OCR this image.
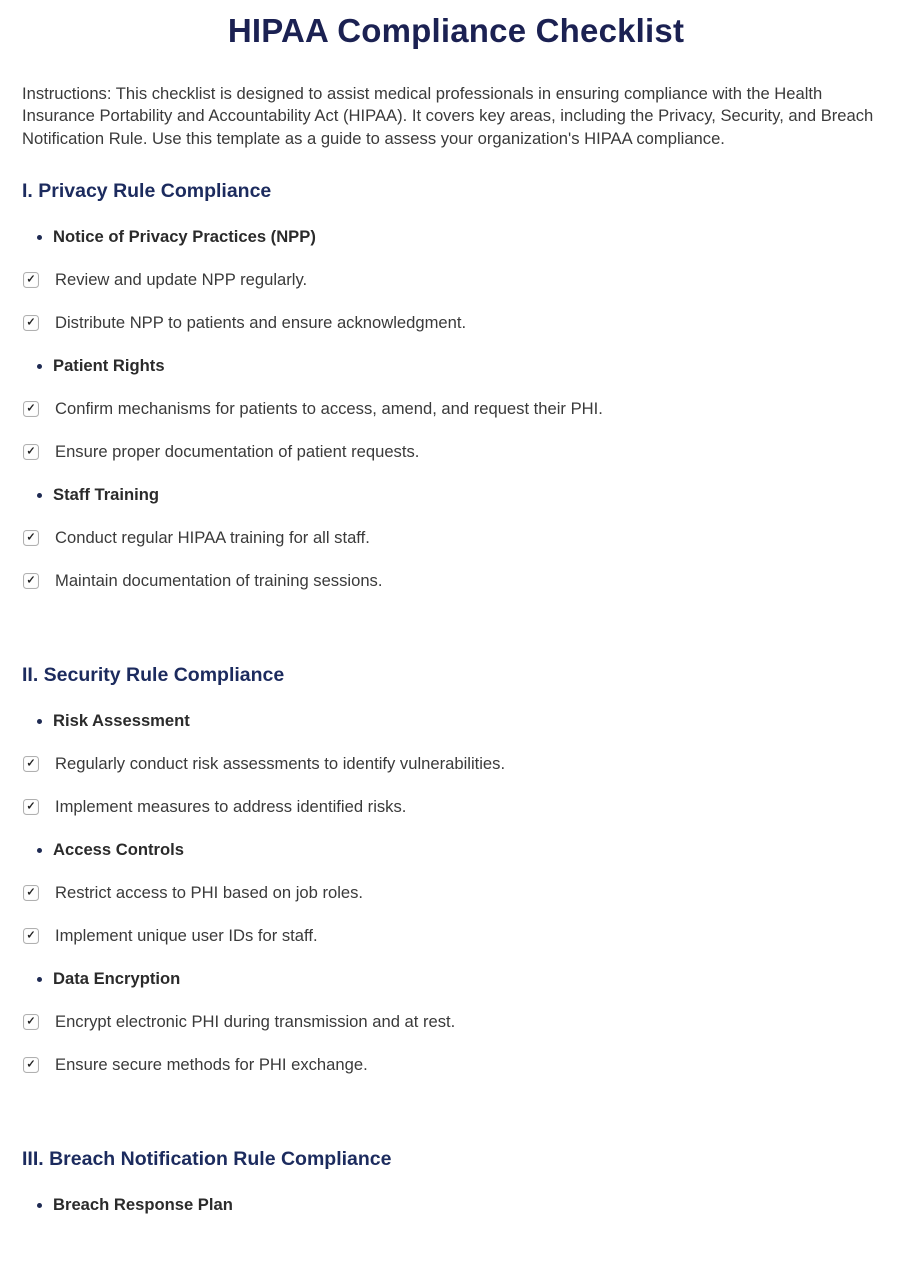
HIPAA Compliance Checklist

Instructions: This checklist is designed to assist medical professionals in ensuring compliance with the Health Insurance Portability and Accountability Act (HIPAA). It covers key areas, including the Privacy, Security, and Breach Notification Rule. Use this template as a guide to assess your organization's HIPAA compliance.

I. Privacy Rule Compliance
Notice of Privacy Practices (NPP)
✓ Review and update NPP regularly.
✓ Distribute NPP to patients and ensure acknowledgment.
Patient Rights
✓ Confirm mechanisms for patients to access, amend, and request their PHI.
✓ Ensure proper documentation of patient requests.
Staff Training
✓ Conduct regular HIPAA training for all staff.
✓ Maintain documentation of training sessions.
II. Security Rule Compliance
Risk Assessment
✓ Regularly conduct risk assessments to identify vulnerabilities.
✓ Implement measures to address identified risks.
Access Controls
✓ Restrict access to PHI based on job roles.
✓ Implement unique user IDs for staff.
Data Encryption
✓ Encrypt electronic PHI during transmission and at rest.
✓ Ensure secure methods for PHI exchange.
III. Breach Notification Rule Compliance
Breach Response Plan
